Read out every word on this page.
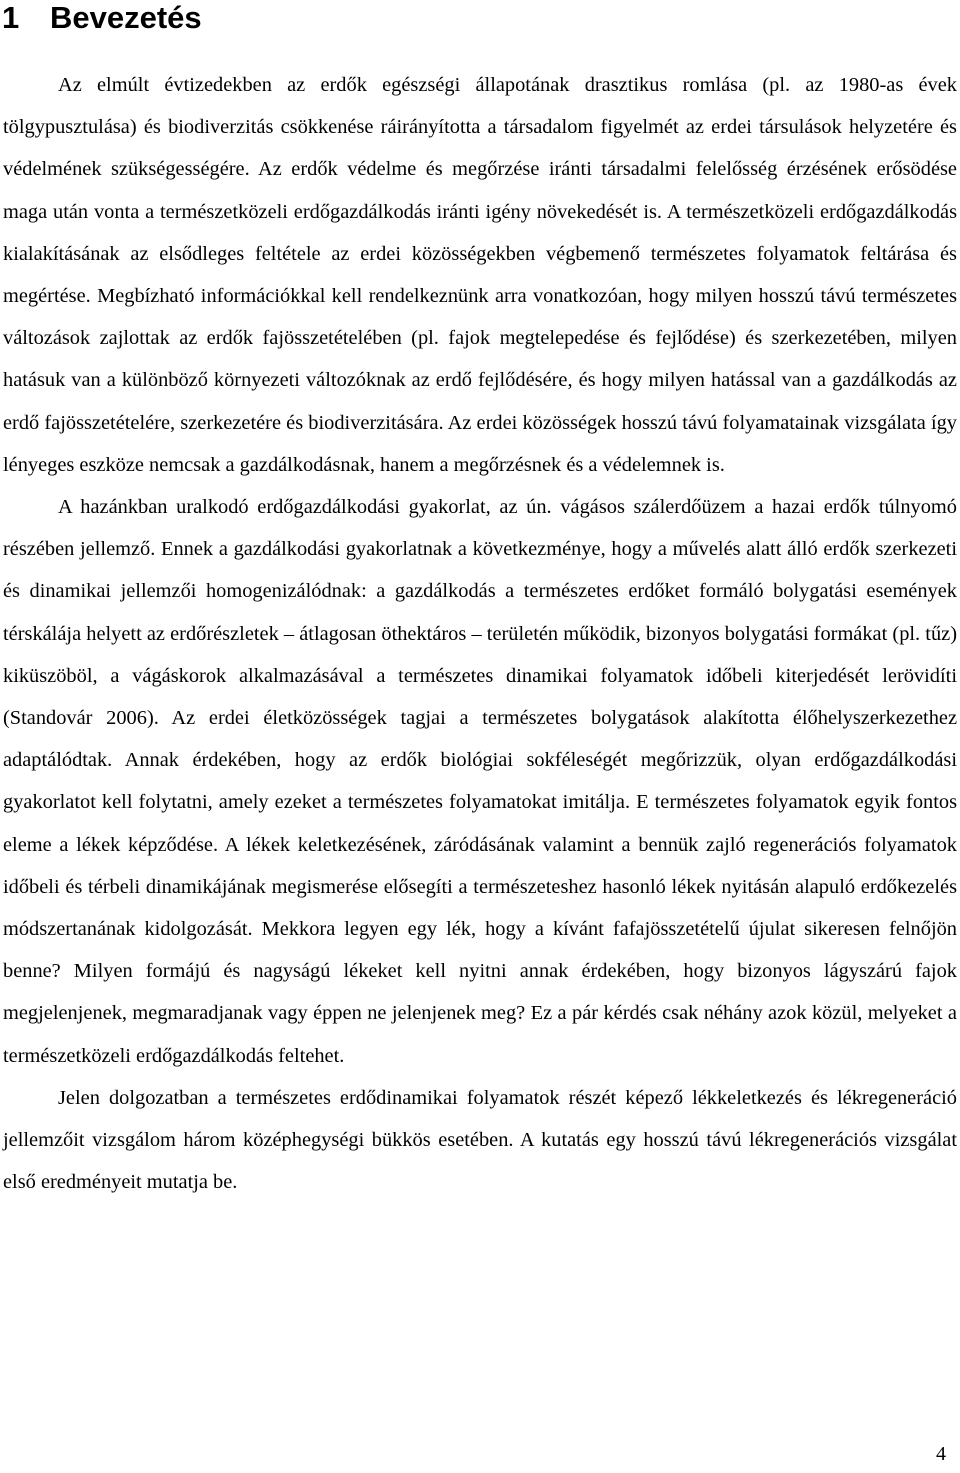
1 Bevezetés

Az elmúlt évtizedekben az erdők egészségi állapotának drasztikus romlása (pl. az 1980-as évek tölgypusztulása) és biodiverzitás csökkenése ráirányította a társadalom figyelmét az erdei társulások helyzetére és védelmének szükségességére. Az erdők védelme és megőrzése iránti társadalmi felelősség érzésének erősödése maga után vonta a természetközeli erdőgazdálkodás iránti igény növekedését is. A természetközeli erdőgazdálkodás kialakításának az elsődleges feltétele az erdei közösségekben végbemenő természetes folyamatok feltárása és megértése. Megbízható információkkal kell rendelkeznünk arra vonatkozóan, hogy milyen hosszú távú természetes változások zajlottak az erdők fajösszetételében (pl. fajok megtelepedése és fejlődése) és szerkezetében, milyen hatásuk van a különböző környezeti változóknak az erdő fejlődésére, és hogy milyen hatással van a gazdálkodás az erdő fajösszetételére, szerkezetére és biodiverzitására. Az erdei közösségek hosszú távú folyamatainak vizsgálata így lényeges eszköze nemcsak a gazdálkodásnak, hanem a megőrzésnek és a védelemnek is.

A hazánkban uralkodó erdőgazdálkodási gyakorlat, az ún. vágásos szálerdőüzem a hazai erdők túlnyomó részében jellemző. Ennek a gazdálkodási gyakorlatnak a következménye, hogy a művelés alatt álló erdők szerkezeti és dinamikai jellemzői homogenizálódnak: a gazdálkodás a természetes erdőket formáló bolygatási események térskálája helyett az erdőrészletek – átlagosan öthektáros – területén működik, bizonyos bolygatási formákat (pl. tűz) kiküszöböl, a vágáskorok alkalmazásával a természetes dinamikai folyamatok időbeli kiterjedését lerövidíti (Standovár 2006). Az erdei életközösségek tagjai a természetes bolygatások alakította élőhelyszerkezethez adaptálódtak. Annak érdekében, hogy az erdők biológiai sokféleségét megőrizzük, olyan erdőgazdálkodási gyakorlatot kell folytatni, amely ezeket a természetes folyamatokat imitálja. E természetes folyamatok egyik fontos eleme a lékek képződése. A lékek keletkezésének, záródásának valamint a bennük zajló regenerációs folyamatok időbeli és térbeli dinamikájának megismerése elősegíti a természeteshez hasonló lékek nyitásán alapuló erdőkezelés módszertanának kidolgozását. Mekkora legyen egy lék, hogy a kívánt fafajösszetételű újulat sikeresen felnőjön benne? Milyen formájú és nagyságú lékeket kell nyitni annak érdekében, hogy bizonyos lágyszárú fajok megjelenjenek, megmaradjanak vagy éppen ne jelenjenek meg? Ez a pár kérdés csak néhány azok közül, melyeket a természetközeli erdőgazdálkodás feltehet.

Jelen dolgozatban a természetes erdődinamikai folyamatok részét képező lékkeletkezés és lékregeneráció jellemzőit vizsgálom három középhegységi bükkös esetében. A kutatás egy hosszú távú lékregenerációs vizsgálat első eredményeit mutatja be.

4
